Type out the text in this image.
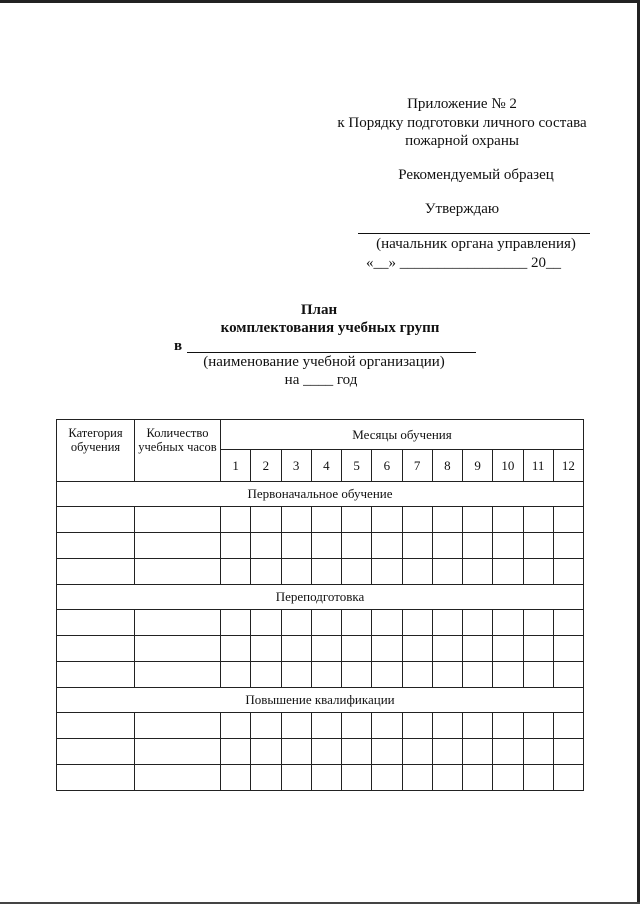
Приложение № 2
к Порядку подготовки личного состава
пожарной охраны
Рекомендуемый образец
Утверждаю
(начальник органа управления)
«__» _________________ 20__
План
комплектования учебных групп
в
(наименование учебной организации)
на ____ год
Категория обучения	Количество учебных часов	Месяцы обучения											
		1	2	3	4	5	6	7	8	9	10	11	12
Первоначальное обучение													

Переподготовка													

Повышение квалификации													
